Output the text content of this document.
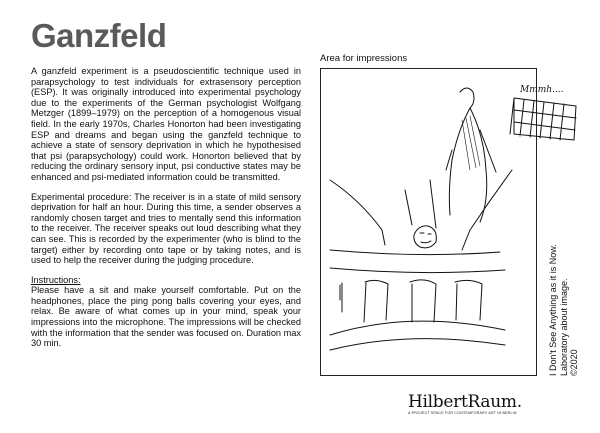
Ganzfeld

A ganzfeld experiment is a pseudoscientific technique used in parapsychology to test individuals for extrasensory perception (ESP). It was originally introduced into experimental psychology due to the experiments of the German psychologist Wolfgang Metzger (1899–1979) on the perception of a homogenous visual field. In the early 1970s, Charles Honorton had been investigating ESP and dreams and began using the ganzfeld technique to achieve a state of sensory deprivation in which he hypothesised that psi (parapsychology) could work. Honorton believed that by reducing the ordinary sensory input, psi conductive states may be enhanced and psi-mediated information could be transmitted.

Experimental procedure: The receiver is in a state of mild sensory deprivation for half an hour. During this time, a sender observes a randomly chosen target and tries to mentally send this information to the receiver. The receiver speaks out loud describing what they can see. This is recorded by the experimenter (who is blind to the target) either by recording onto tape or by taking notes, and is used to help the receiver during the judging procedure.

Instructions:
Please have a sit and make yourself comfortable. Put on the headphones, place the ping pong balls covering your eyes, and relax. Be aware of what comes up in your mind, speak your impressions into the microphone. The impressions will be checked with the information that the sender was focused on. Duration max 30 min.

Area for impressions
Mmmh....
I Don't See Anything as it is Now. Laboratory about image. ©2020
HilbertRaum.
A PROJECT SPACE FOR CONTEMPORARY ART IN BERLIN
